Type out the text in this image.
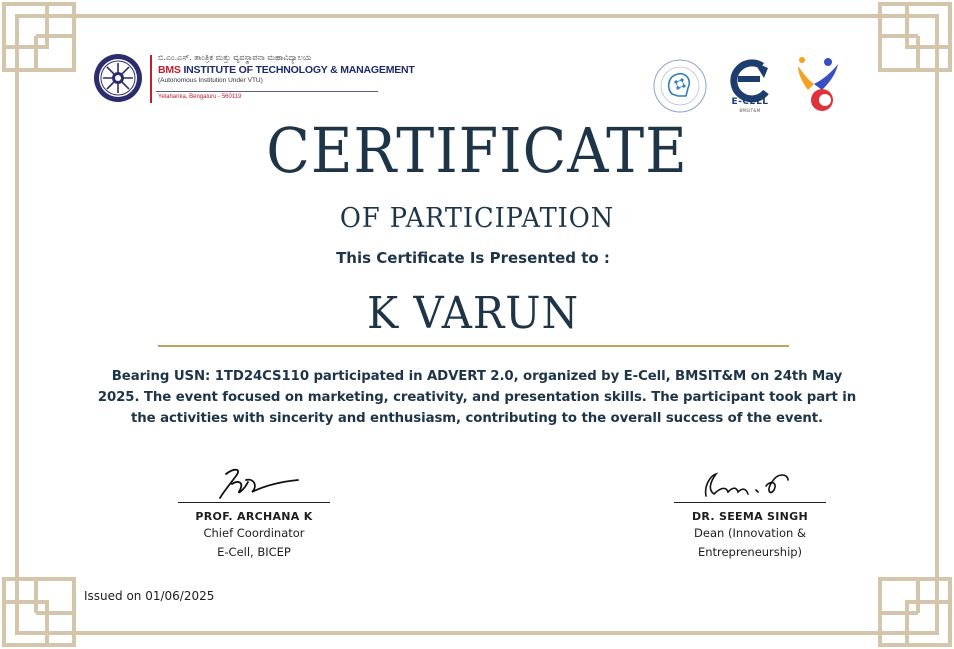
ಬಿ.ಎಂ.ಎಸ್. ತಾಂತ್ರಿಕ ಮತ್ತು ವ್ಯವಸ್ಥಾಪನಾ ಮಹಾವಿದ್ಯಾಲಯ
BMS INSTITUTE OF TECHNOLOGY & MANAGEMENT
(Autonomous Institution Under VTU)
Yelahanka, Bengaluru - 560119	E-CELL
BMSIT&M
CERTIFICATE
OF PARTICIPATION
This Certificate Is Presented to :
K VARUN
Bearing USN: 1TD24CS110 participated in ADVERT 2.0, organized by E-Cell, BMSIT&M on 24th May 2025. The event focused on marketing, creativity, and presentation skills. The participant took part in the activities with sincerity and enthusiasm, contributing to the overall success of the event.
PROF. ARCHANA K
Chief Coordinator
E-Cell, BICEP
DR. SEEMA SINGH
Dean (Innovation &
Entrepreneurship)
Issued on 01/06/2025
